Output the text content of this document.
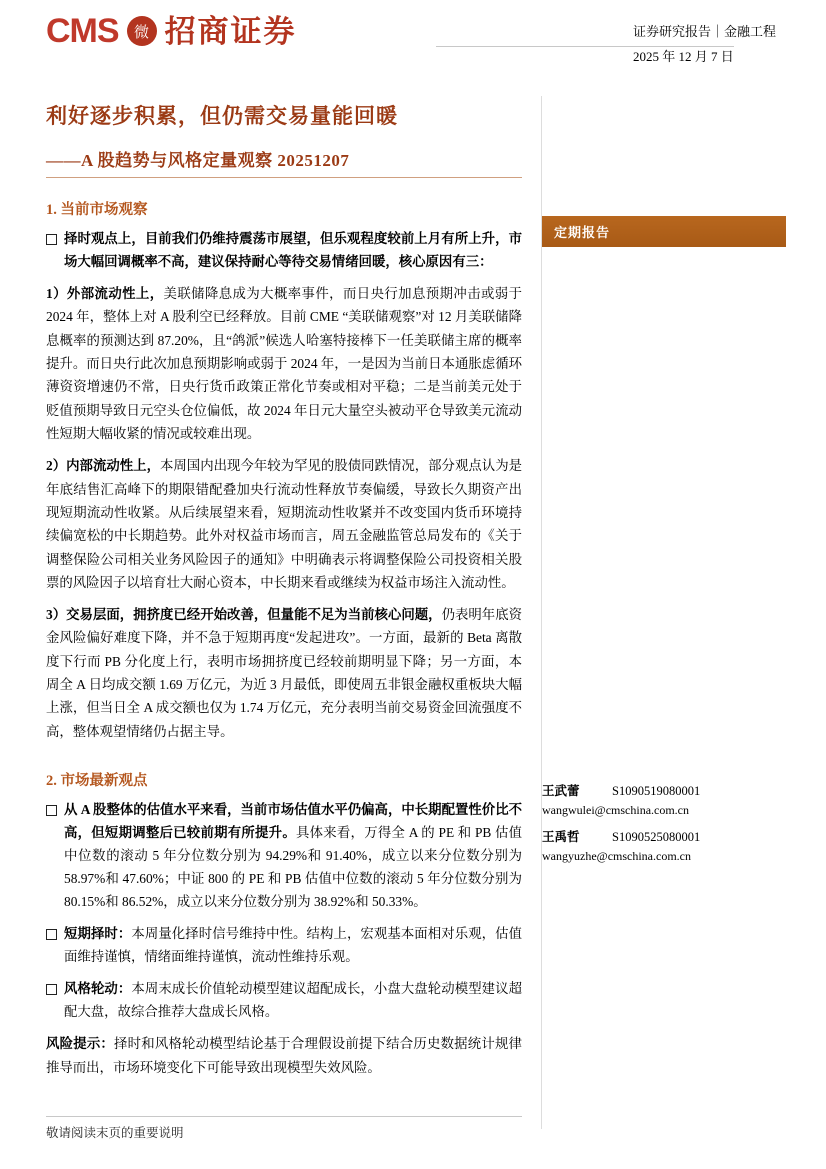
CMS	微 招商证券	证券研究报告｜金融工程
2025 年 12 月 7 日
利好逐步积累，但仍需交易量能回暖
——A 股趋势与风格定量观察 20251207
1. 当前市场观察
择时观点上，目前我们仍维持震荡市展望，但乐观程度较前上月有所上升，市场大幅回调概率不高，建议保持耐心等待交易情绪回暖，核心原因有三：
1）外部流动性上，美联储降息成为大概率事件，而日央行加息预期冲击或弱于 2024 年，整体上对 A 股利空已经释放。目前 CME “美联储观察”对 12 月美联储降息概率的预测达到 87.20%，且“鸽派”候选人哈塞特接棒下一任美联储主席的概率提升。而日央行此次加息预期影响或弱于 2024 年，一是因为当前日本通胀虑循环薄资资增速仍不常，日央行货币政策正常化节奏或相对平稳；二是当前美元处于贬值预期导致日元空头仓位偏低，故 2024 年日元大量空头被动平仓导致美元流动性短期大幅收紧的情况或较难出现。
2）内部流动性上，本周国内出现今年较为罕见的股债同跌情况，部分观点认为是年底结售汇高峰下的期限错配叠加央行流动性释放节奏偏缓，导致长久期资产出现短期流动性收紧。从后续展望来看，短期流动性收紧并不改变国内货币环境持续偏宽松的中长期趋势。此外对权益市场而言，周五金融监管总局发布的《关于调整保险公司相关业务风险因子的通知》中明确表示将调整保险公司投资相关股票的风险因子以培育壮大耐心资本，中长期来看或继续为权益市场注入流动性。
3）交易层面，拥挤度已经开始改善，但量能不足为当前核心问题，仍表明年底资金风险偏好难度下降，并不急于短期再度“发起进攻”。一方面，最新的 Beta 离散度下行而 PB 分化度上行，表明市场拥挤度已经较前期明显下降；另一方面，本周全 A 日均成交额 1.69 万亿元，为近 3 月最低，即使周五非银金融权重板块大幅上涨，但当日全 A 成交额也仅为 1.74 万亿元，充分表明当前交易资金回流强度不高，整体观望情绪仍占据主导。
2. 市场最新观点
从 A 股整体的估值水平来看，当前市场估值水平仍偏高，中长期配置性价比不高，但短期调整后已较前期有所提升。具体来看，万得全 A 的 PE 和 PB 估值中位数的滚动 5 年分位数分别为 94.29%和 91.40%，成立以来分位数分别为 58.97%和 47.60%；中证 800 的 PE 和 PB 估值中位数的滚动 5 年分位数分别为 80.15%和 86.52%，成立以来分位数分别为 38.92%和 50.33%。
短期择时：本周量化择时信号维持中性。结构上，宏观基本面相对乐观，估值面维持谨慎，情绪面维持谨慎，流动性维持乐观。
风格轮动：本周末成长价值轮动模型建议超配成长，小盘大盘轮动模型建议超配大盘，故综合推荐大盘成长风格。
风险提示：择时和风格轮动模型结论基于合理假设前提下结合历史数据统计规律推导而出，市场环境变化下可能导致出现模型失效风险。
定期报告
王武蕾	S1090519080001
wangwulei@cmschina.com.cn
王禹哲	S1090525080001
wangyuzhe@cmschina.com.cn
敬请阅读末页的重要说明
